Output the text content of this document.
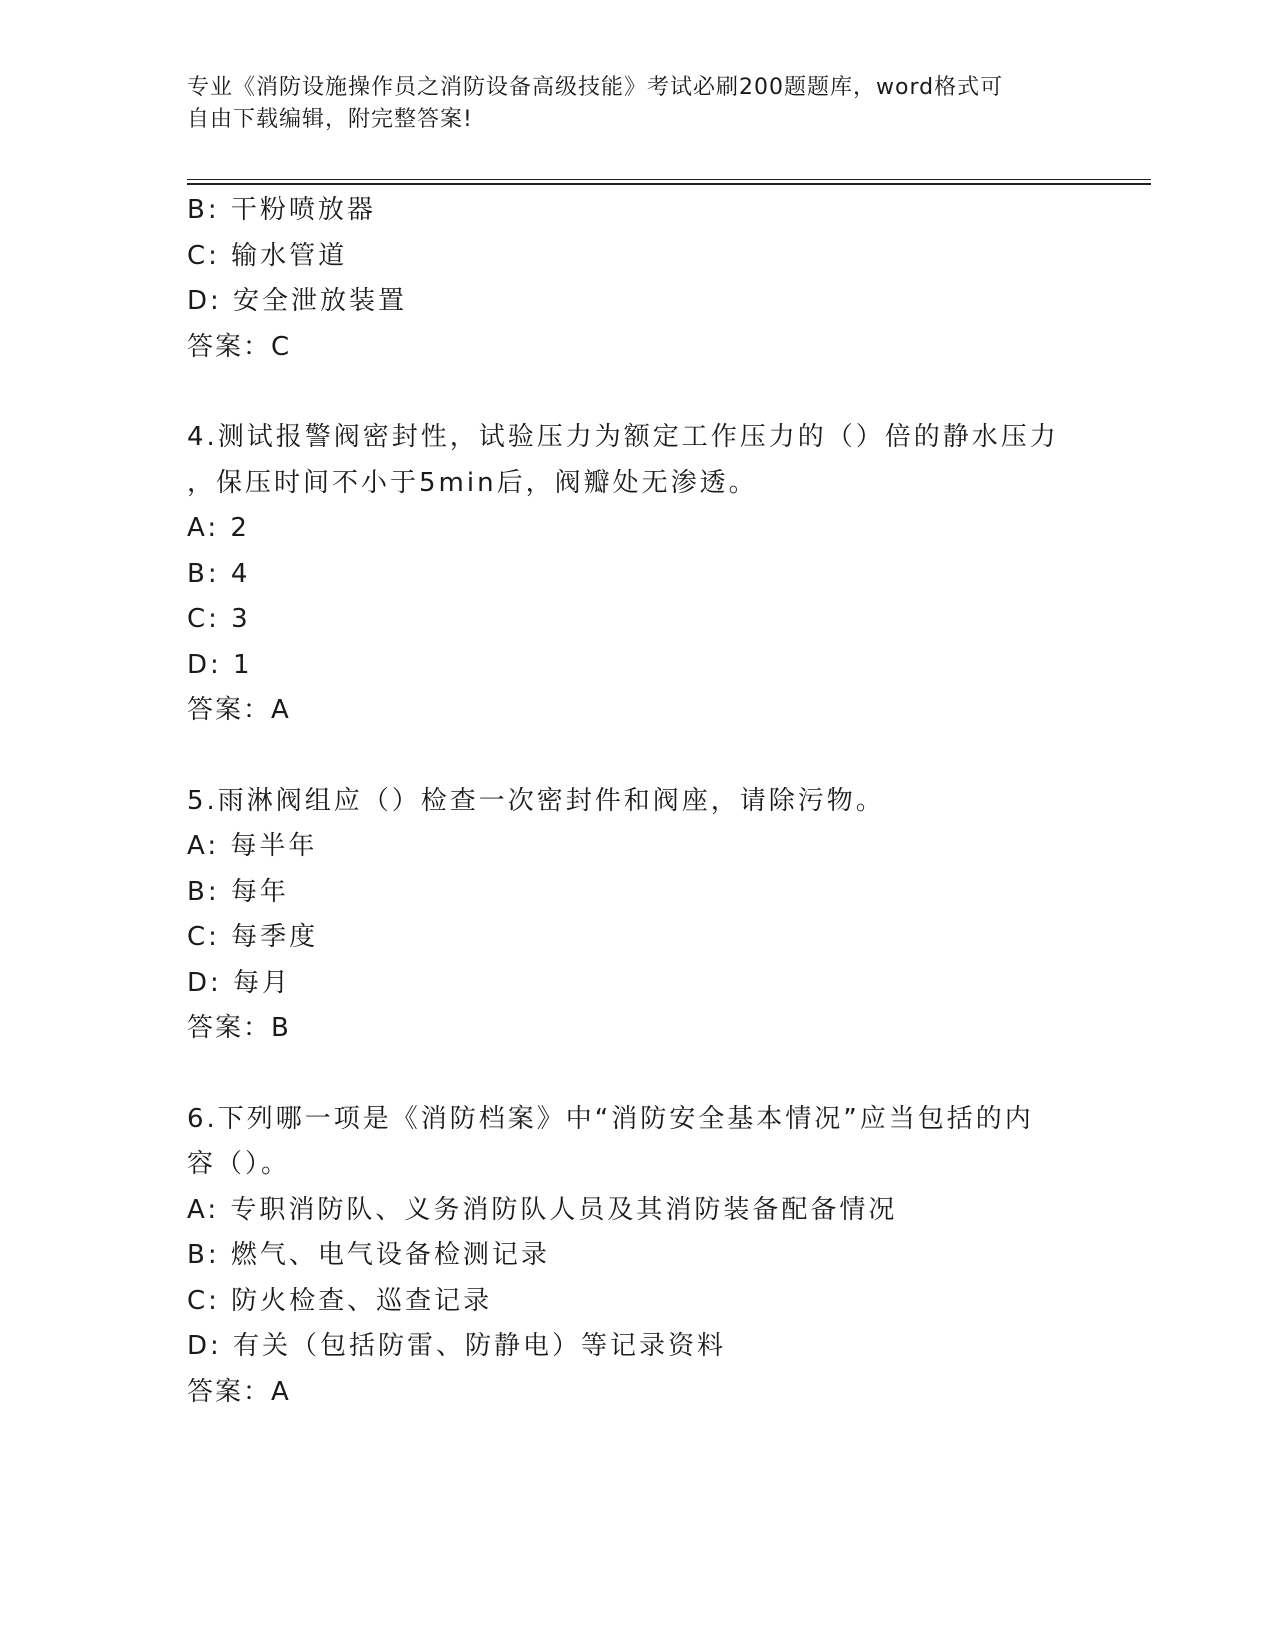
专业《消防设施操作员之消防设备高级技能》考试必刷200题题库，word格式可
自由下载编辑，附完整答案!
B: 干粉喷放器
C: 输水管道
D: 安全泄放装置
答案：C
4.测试报警阀密封性，试验压力为额定工作压力的（）倍的静水压力
，保压时间不小于5min后，阀瓣处无渗透。
A: 2
B: 4
C: 3
D: 1
答案：A
5.雨淋阀组应（）检查一次密封件和阀座，请除污物。
A: 每半年
B: 每年
C: 每季度
D: 每月
答案：B
6.下列哪一项是《消防档案》中“消防安全基本情况”应当包括的内
容（）。
A: 专职消防队、义务消防队人员及其消防装备配备情况
B: 燃气、电气设备检测记录
C: 防火检查、巡查记录
D: 有关（包括防雷、防静电）等记录资料
答案：A
